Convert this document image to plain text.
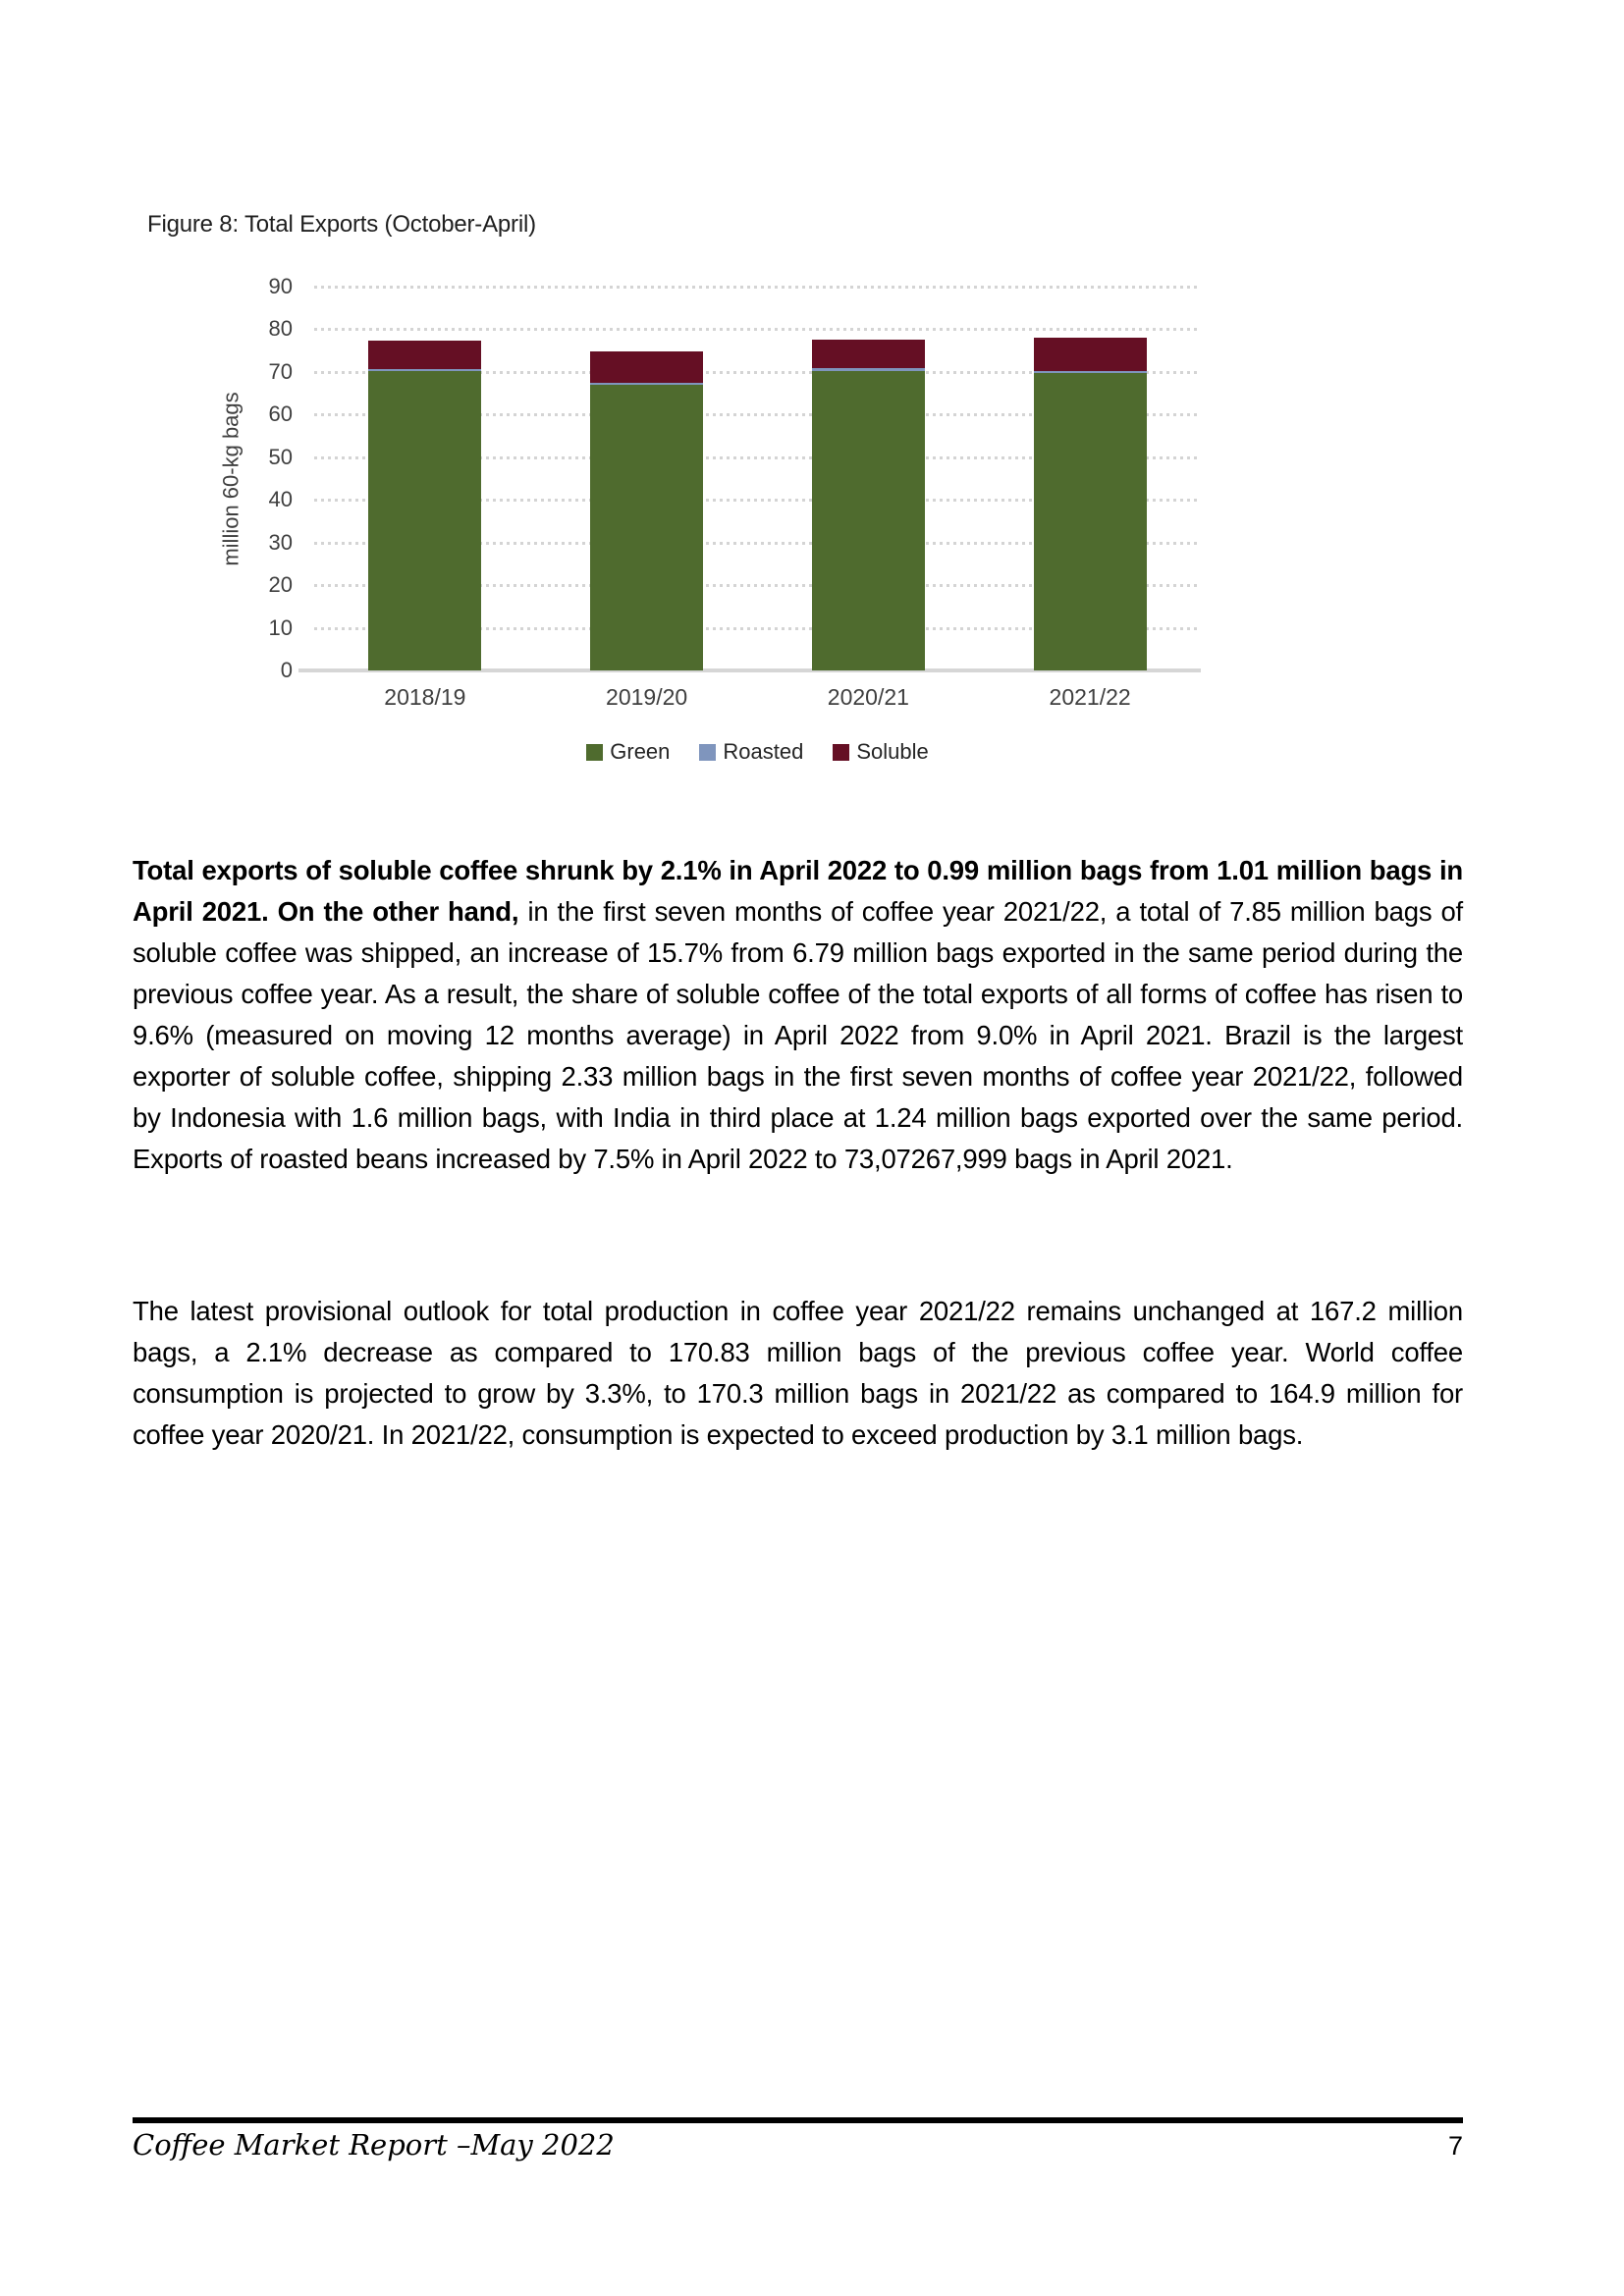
Figure 8: Total Exports (October-April)
million 60-kg bags
0
10
20
30
40
50
60
70
80
90
2018/19	2019/20	2020/21	2021/22
Green Roasted Soluble

Total exports of soluble coffee shrunk by 2.1% in April 2022 to 0.99 million bags from 1.01 million bags in April 2021. On the other hand, in the first seven months of coffee year 2021/22, a total of 7.85 million bags of soluble coffee was shipped, an increase of 15.7% from 6.79 million bags exported in the same period during the previous coffee year. As a result, the share of soluble coffee of the total exports of all forms of coffee has risen to 9.6% (measured on moving 12 months average) in April 2022 from 9.0% in April 2021. Brazil is the largest exporter of soluble coffee, shipping 2.33 million bags in the first seven months of coffee year 2021/22, followed by Indonesia with 1.6 million bags, with India in third place at 1.24 million bags exported over the same period. Exports of roasted beans increased by 7.5% in April 2022 to 73,07267,999 bags in April 2021.

The latest provisional outlook for total production in coffee year 2021/22 remains unchanged at 167.2 million bags, a 2.1% decrease as compared to 170.83 million bags of the previous coffee year. World coffee consumption is projected to grow by 3.3%, to 170.3 million bags in 2021/22 as compared to 164.9 million for coffee year 2020/21. In 2021/22, consumption is expected to exceed production by 3.1 million bags.

Coffee Market Report –May 2022	7
